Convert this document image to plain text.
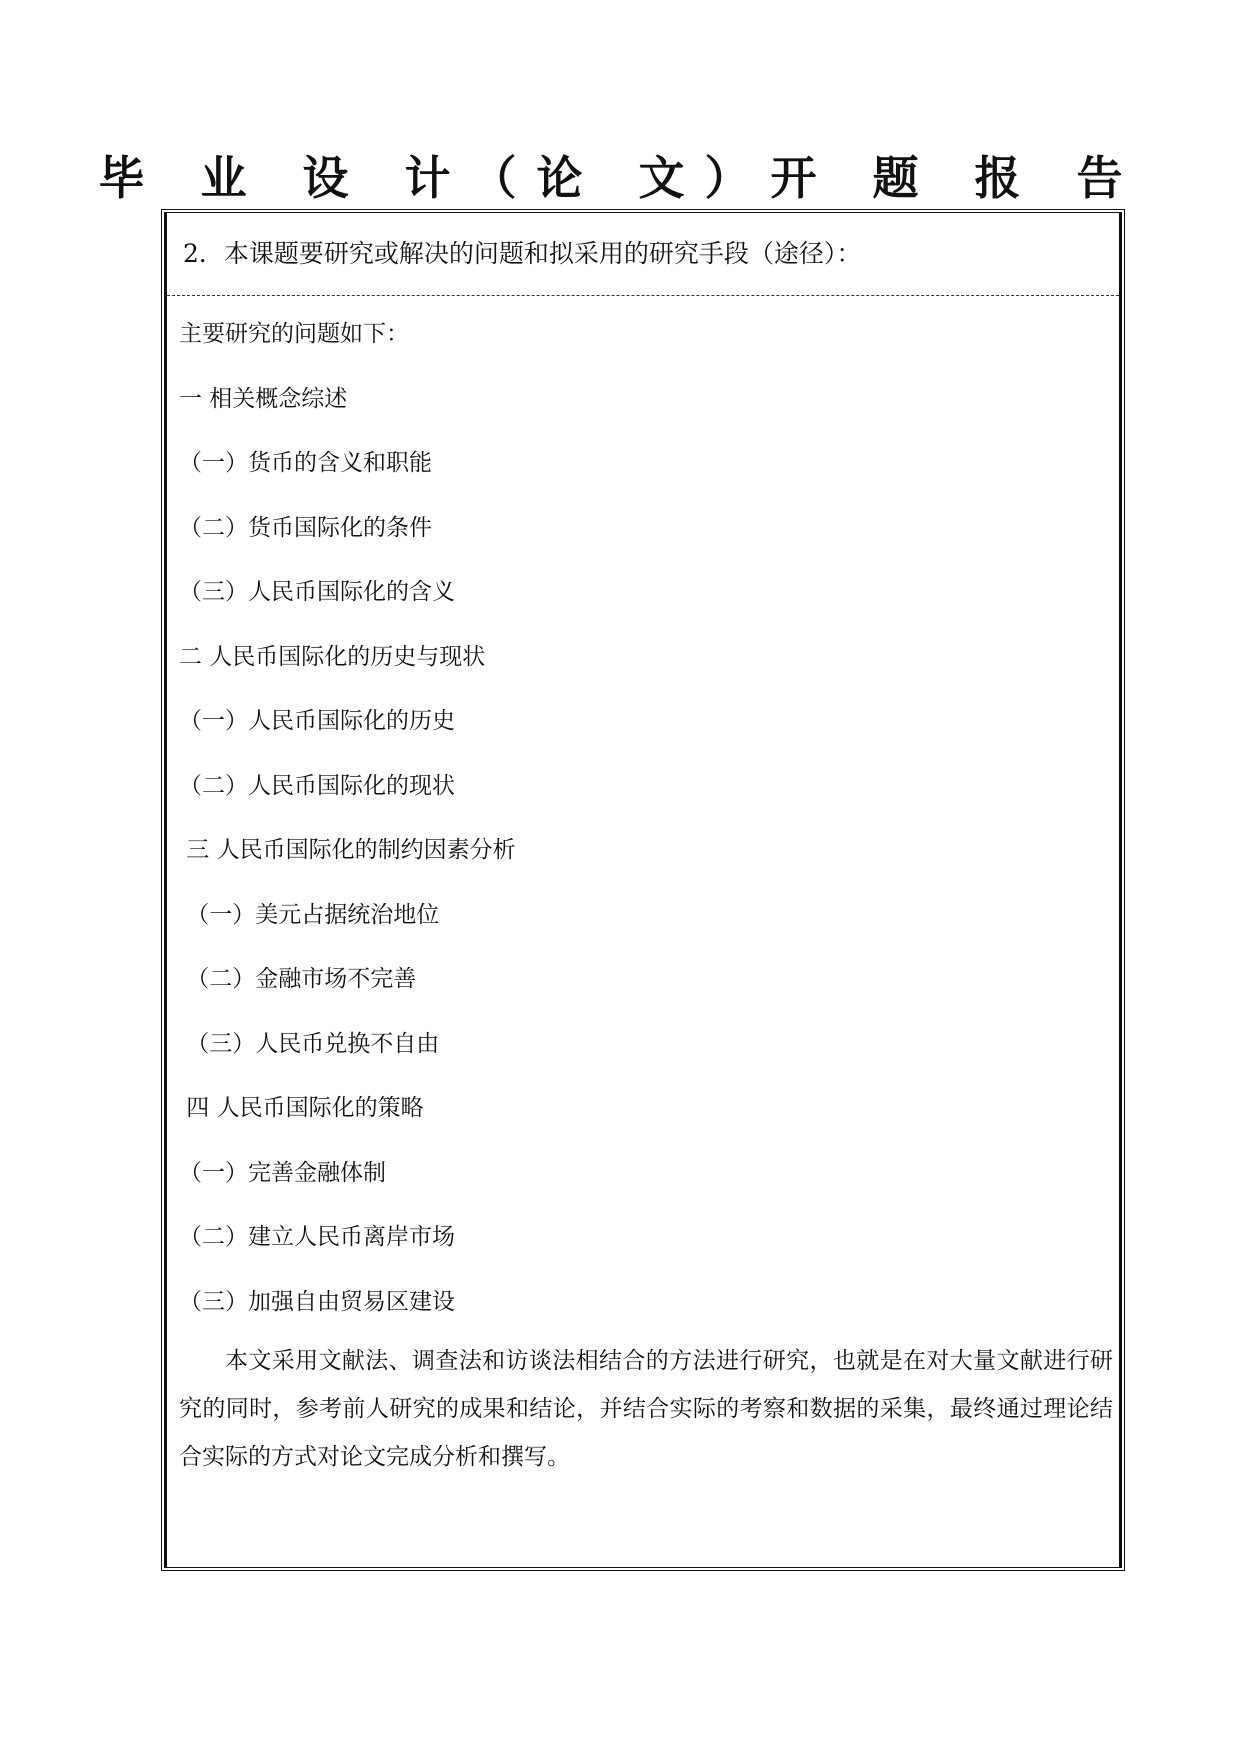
毕 业 设 计（论 文）开 题 报 告
2．本课题要研究或解决的问题和拟采用的研究手段（途径）：
主要研究的问题如下：
一 相关概念综述
（一）货币的含义和职能
（二）货币国际化的条件
（三）人民币国际化的含义
二 人民币国际化的历史与现状
（一）人民币国际化的历史
（二）人民币国际化的现状
三 人民币国际化的制约因素分析
（一）美元占据统治地位
（二）金融市场不完善
（三）人民币兑换不自由
四 人民币国际化的策略
（一）完善金融体制
（二）建立人民币离岸市场
（三）加强自由贸易区建设

本文采用文献法、调查法和访谈法相结合的方法进行研究，也就是在对大量文献进行研究的同时，参考前人研究的成果和结论，并结合实际的考察和数据的采集，最终通过理论结合实际的方式对论文完成分析和撰写。
